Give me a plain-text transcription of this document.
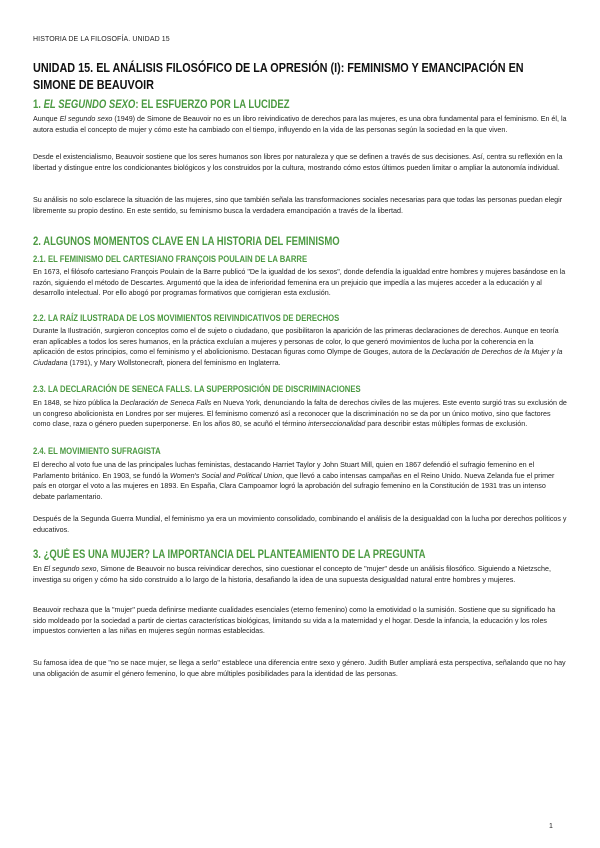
HISTORIA DE LA FILOSOFÍA. UNIDAD 15
UNIDAD 15. EL ANÁLISIS FILOSÓFICO DE LA OPRESIÓN (I): FEMINISMO Y EMANCIPACIÓN EN SIMONE DE BEAUVOIR
1. EL SEGUNDO SEXO: EL ESFUERZO POR LA LUCIDEZ
Aunque El segundo sexo (1949) de Simone de Beauvoir no es un libro reivindicativo de derechos para las mujeres, es una obra fundamental para el feminismo. En él, la autora estudia el concepto de mujer y cómo este ha cambiado con el tiempo, influyendo en la vida de las personas según la sociedad en la que viven.
Desde el existencialismo, Beauvoir sostiene que los seres humanos son libres por naturaleza y que se definen a través de sus decisiones. Así, centra su reflexión en la libertad y distingue entre los condicionantes biológicos y los construidos por la cultura, mostrando cómo estos últimos pueden limitar o ampliar la autonomía individual.
Su análisis no solo esclarece la situación de las mujeres, sino que también señala las transformaciones sociales necesarias para que todas las personas puedan elegir libremente su propio destino. En este sentido, su feminismo busca la verdadera emancipación a través de la libertad.
2. ALGUNOS MOMENTOS CLAVE EN LA HISTORIA DEL FEMINISMO
2.1. EL FEMINISMO DEL CARTESIANO FRANÇOIS POULAIN DE LA BARRE
En 1673, el filósofo cartesiano François Poulain de la Barre publicó "De la igualdad de los sexos", donde defendía la igualdad entre hombres y mujeres basándose en la razón, siguiendo el método de Descartes. Argumentó que la idea de inferioridad femenina era un prejuicio que impedía a las mujeres acceder a la educación y al desarrollo intelectual. Por ello abogó por programas formativos que corrigieran esta exclusión.
2.2. LA RAÍZ ILUSTRADA DE LOS MOVIMIENTOS REIVINDICATIVOS DE DERECHOS
Durante la Ilustración, surgieron conceptos como el de sujeto o ciudadano, que posibilitaron la aparición de las primeras declaraciones de derechos. Aunque en teoría eran aplicables a todos los seres humanos, en la práctica excluían a mujeres y personas de color, lo que generó movimientos de lucha por la coherencia en la aplicación de estos principios, como el feminismo y el abolicionismo. Destacan figuras como Olympe de Gouges, autora de la Declaración de Derechos de la Mujer y la Ciudadana (1791), y Mary Wollstonecraft, pionera del feminismo en Inglaterra.
2.3. LA DECLARACIÓN DE SENECA FALLS. LA SUPERPOSICIÓN DE DISCRIMINACIONES
En 1848, se hizo pública la Declaración de Seneca Falls en Nueva York, denunciando la falta de derechos civiles de las mujeres. Este evento surgió tras su exclusión de un congreso abolicionista en Londres por ser mujeres. El feminismo comenzó así a reconocer que la discriminación no se da por un único motivo, sino que factores como clase, raza o género pueden superponerse. En los años 80, se acuñó el término interseccionalidad para describir estas múltiples formas de exclusión.
2.4. EL MOVIMIENTO SUFRAGISTA
El derecho al voto fue una de las principales luchas feministas, destacando Harriet Taylor y John Stuart Mill, quien en 1867 defendió el sufragio femenino en el Parlamento británico. En 1903, se fundó la Women's Social and Political Union, que llevó a cabo intensas campañas en el Reino Unido. Nueva Zelanda fue el primer país en otorgar el voto a las mujeres en 1893. En España, Clara Campoamor logró la aprobación del sufragio femenino en la Constitución de 1931 tras un intenso debate parlamentario.
Después de la Segunda Guerra Mundial, el feminismo ya era un movimiento consolidado, combinando el análisis de la desigualdad con la lucha por derechos políticos y educativos.
3. ¿QUÉ ES UNA MUJER? LA IMPORTANCIA DEL PLANTEAMIENTO DE LA PREGUNTA
En El segundo sexo, Simone de Beauvoir no busca reivindicar derechos, sino cuestionar el concepto de "mujer" desde un análisis filosófico. Siguiendo a Nietzsche, investiga su origen y cómo ha sido construido a lo largo de la historia, desafiando la idea de una supuesta desigualdad natural entre hombres y mujeres.
Beauvoir rechaza que la "mujer" pueda definirse mediante cualidades esenciales (eterno femenino) como la emotividad o la sumisión. Sostiene que su significado ha sido moldeado por la sociedad a partir de ciertas características biológicas, limitando su vida a la maternidad y el hogar. Desde la infancia, la educación y los roles impuestos convierten a las niñas en mujeres según normas establecidas.
Su famosa idea de que "no se nace mujer, se llega a serlo" establece una diferencia entre sexo y género. Judith Butler ampliará esta perspectiva, señalando que no hay una obligación de asumir el género femenino, lo que abre múltiples posibilidades para la identidad de las personas.
1
